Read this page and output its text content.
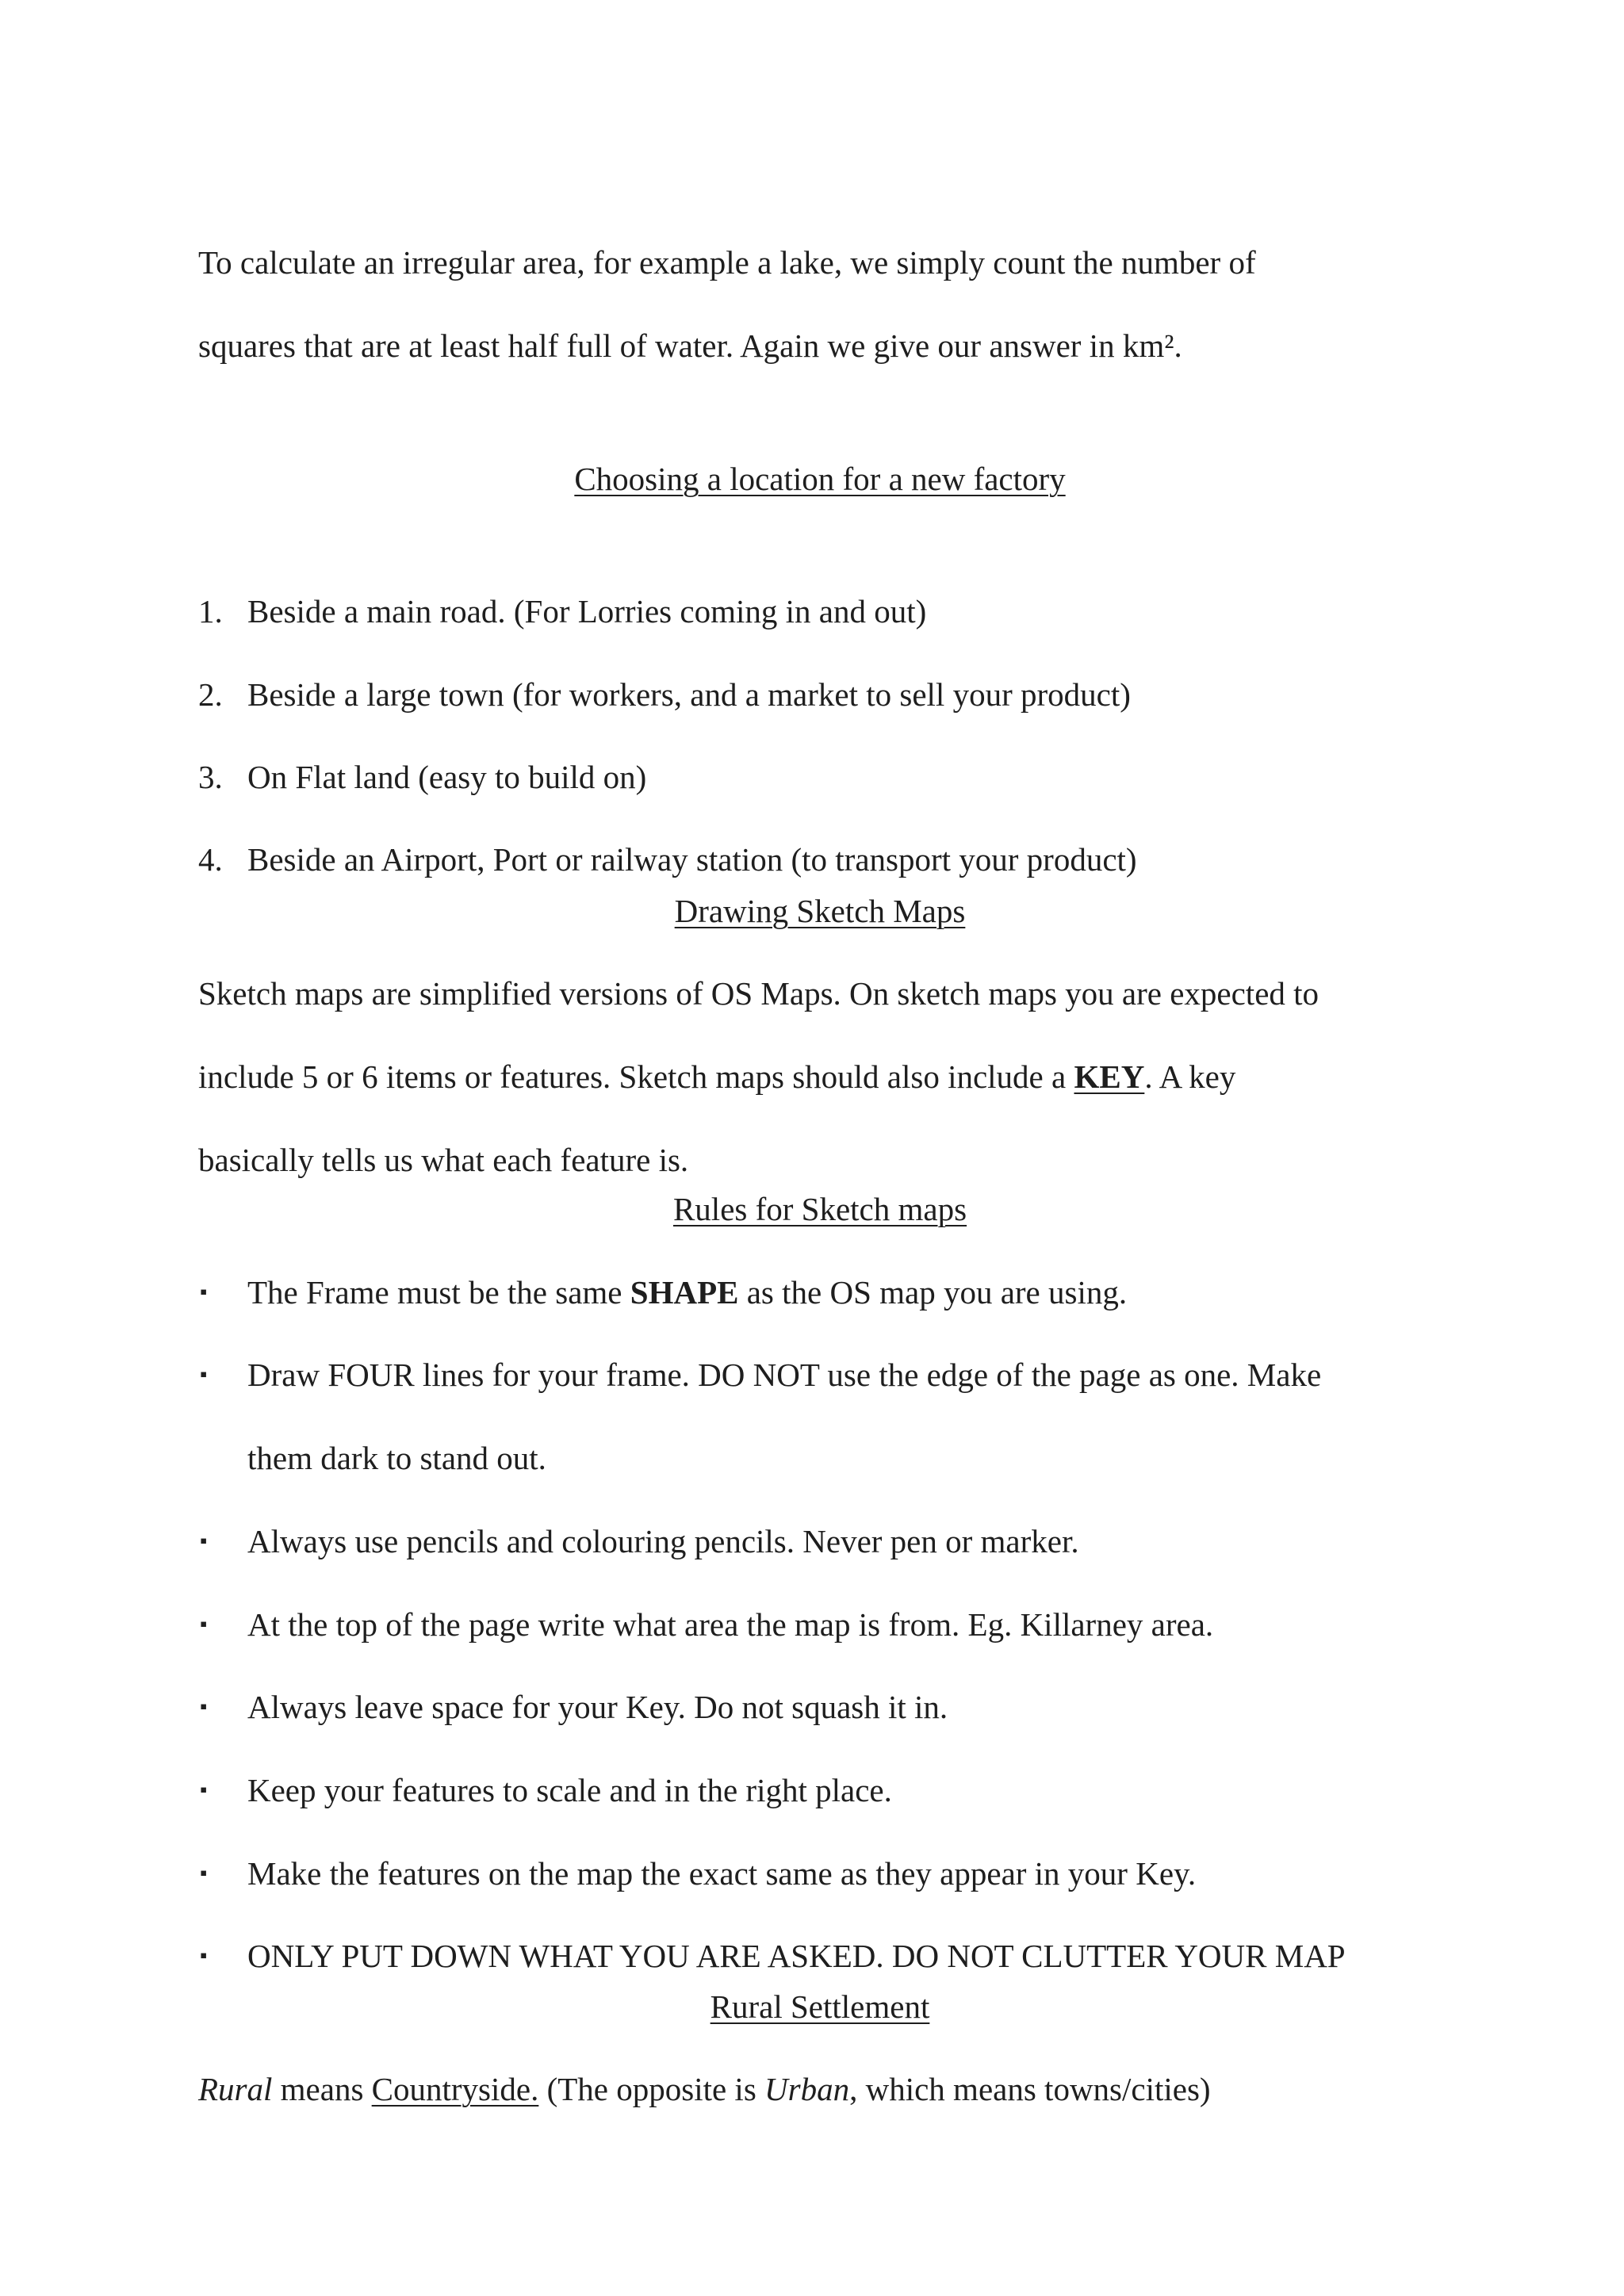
To calculate an irregular area, for example a lake, we simply count the number of

squares that are at least half full of water. Again we give our answer in km².

Choosing a location for a new factory
1. Beside a main road. (For Lorries coming in and out)
2. Beside a large town (for workers, and a market to sell your product)
3. On Flat land (easy to build on)
4. Beside an Airport, Port or railway station (to transport your product)
Drawing Sketch Maps

Sketch maps are simplified versions of OS Maps. On sketch maps you are expected to

include 5 or 6 items or features. Sketch maps should also include a KEY. A key

basically tells us what each feature is.

Rules for Sketch maps
▪ The Frame must be the same SHAPE as the OS map you are using.
▪ Draw FOUR lines for your frame. DO NOT use the edge of the page as one. Make
them dark to stand out.
▪ Always use pencils and colouring pencils. Never pen or marker.
▪ At the top of the page write what area the map is from. Eg. Killarney area.
▪ Always leave space for your Key. Do not squash it in.
▪ Keep your features to scale and in the right place.
▪ Make the features on the map the exact same as they appear in your Key.
▪ ONLY PUT DOWN WHAT YOU ARE ASKED. DO NOT CLUTTER YOUR MAP
Rural Settlement

Rural means Countryside. (The opposite is Urban, which means towns/cities)
